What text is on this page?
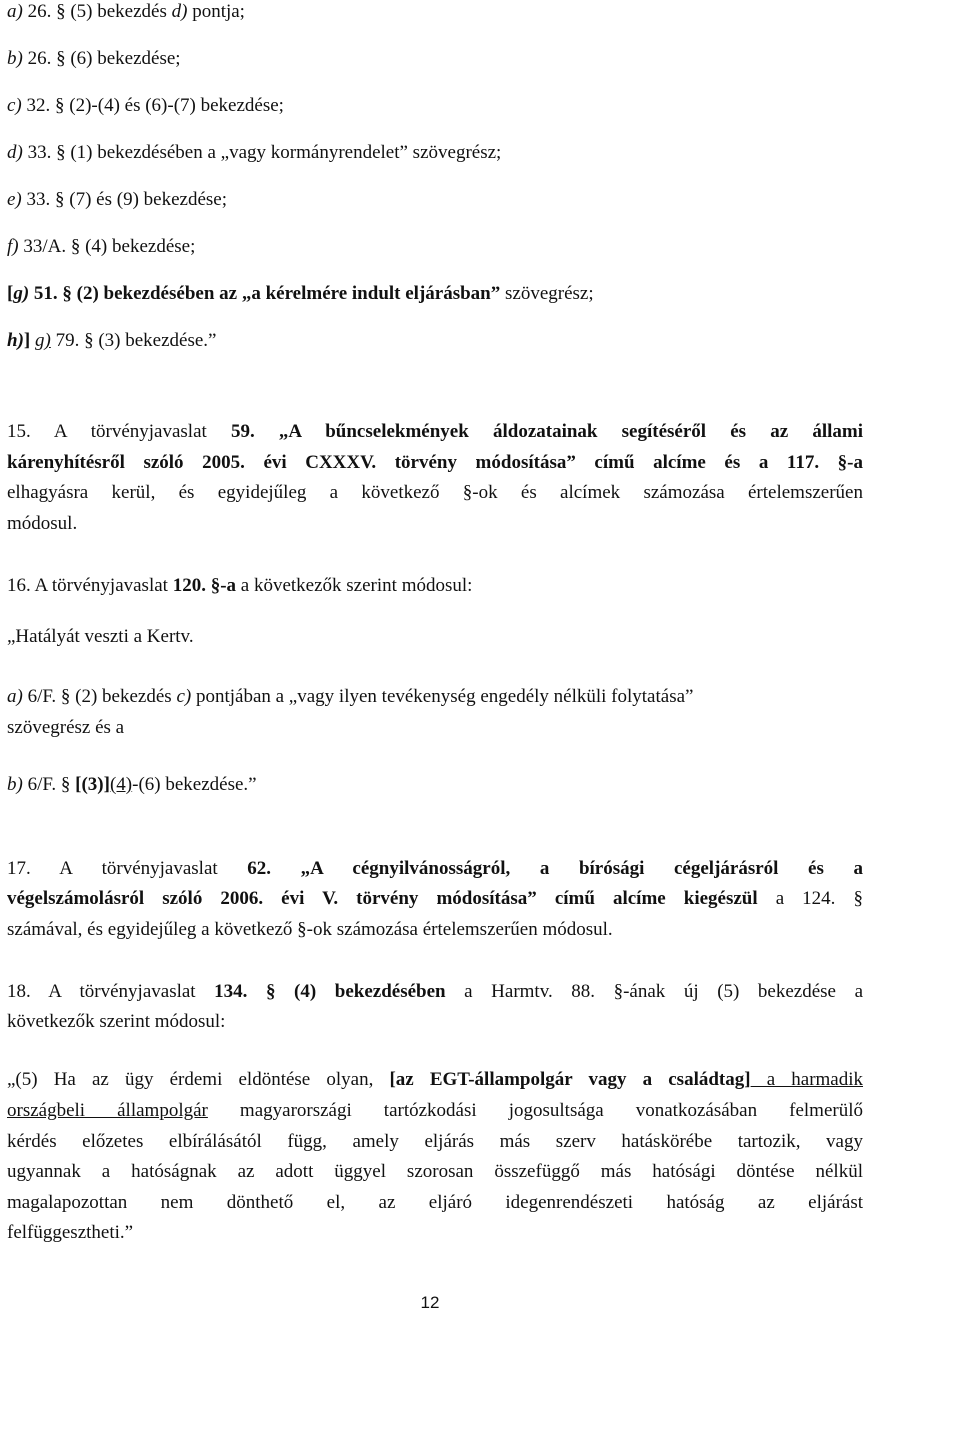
a) 26. § (5) bekezdés d) pontja;
b) 26. § (6) bekezdése;
c) 32. § (2)-(4) és (6)-(7) bekezdése;
d) 33. § (1) bekezdésében a „vagy kormányrendelet” szövegrész;
e) 33. § (7) és (9) bekezdése;
f) 33/A. § (4) bekezdése;
[g) 51. § (2) bekezdésében az „a kérelmére indult eljárásban” szövegrész;
h)] g) 79. § (3) bekezdése.”
15. A törvényjavaslat 59. „A bűncselekmények áldozatainak segítéséről és az állami
kárenyhítésről szóló 2005. évi CXXXV. törvény módosítása” című alcíme és a 117. §-a
elhagyásra kerül, és egyidejűleg a következő §-ok és alcímek számozása értelemszerűen
módosul.
16. A törvényjavaslat 120. §-a a következők szerint módosul:
„Hatályát veszti a Kertv.
a) 6/F. § (2) bekezdés c) pontjában a „vagy ilyen tevékenység engedély nélküli folytatása”
szövegrész és a
b) 6/F. § [(3)](4)-(6) bekezdése.”
17. A törvényjavaslat 62. „A cégnyilvánosságról, a bírósági cégeljárásról és a
végelszámolásról szóló 2006. évi V. törvény módosítása” című alcíme kiegészül a 124. §
számával, és egyidejűleg a következő §-ok számozása értelemszerűen módosul.
18. A törvényjavaslat 134. § (4) bekezdésében a Harmtv. 88. §-ának új (5) bekezdése a
következők szerint módosul:
„(5) Ha az ügy érdemi eldöntése olyan, [az EGT-állampolgár vagy a családtag] a harmadik
országbeli állampolgár magyarországi tartózkodási jogosultsága vonatkozásában felmerülő
kérdés előzetes elbírálásától függ, amely eljárás más szerv hatáskörébe tartozik, vagy
ugyannak a hatóságnak az adott üggyel szorosan összefüggő más hatósági döntése nélkül
magalapozottan nem dönthető el, az eljáró idegenrendészeti hatóság az eljárást
felfüggesztheti.”
12
